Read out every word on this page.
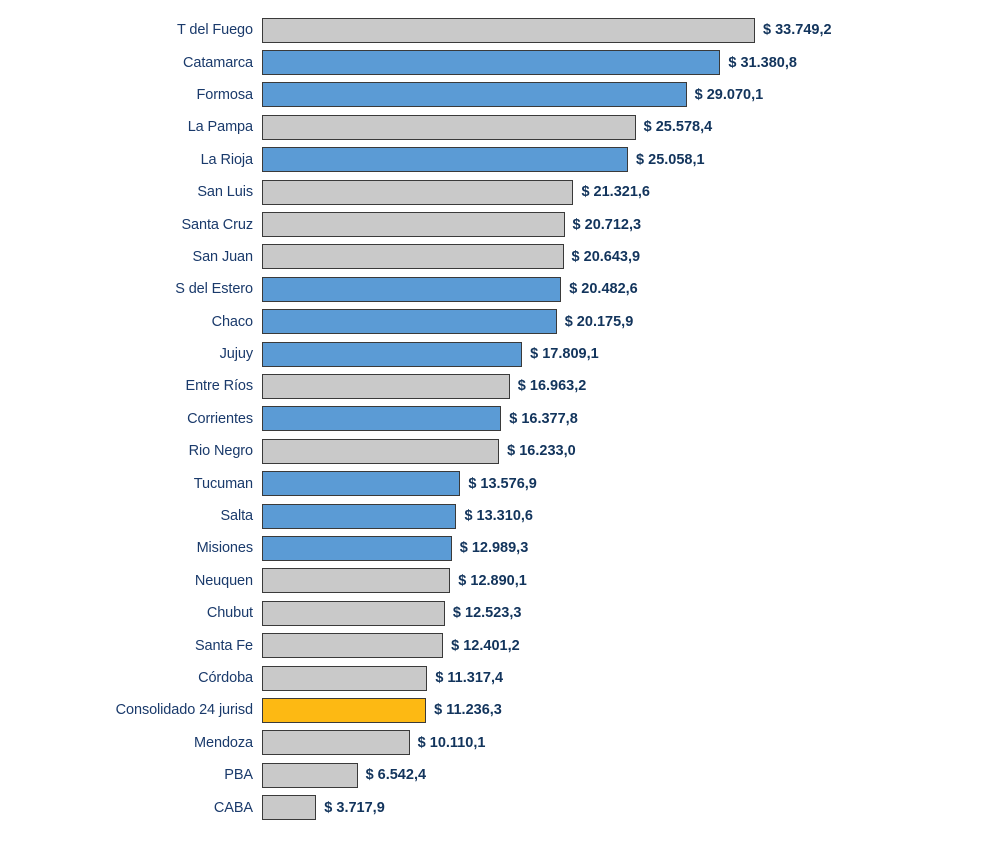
T del Fuego	$ 33.749,2
Catamarca	$ 31.380,8
Formosa	$ 29.070,1
La Pampa	$ 25.578,4
La Rioja	$ 25.058,1
San Luis	$ 21.321,6
Santa Cruz	$ 20.712,3
San Juan	$ 20.643,9
S del Estero	$ 20.482,6
Chaco	$ 20.175,9
Jujuy	$ 17.809,1
Entre Ríos	$ 16.963,2
Corrientes	$ 16.377,8
Rio Negro	$ 16.233,0
Tucuman	$ 13.576,9
Salta	$ 13.310,6
Misiones	$ 12.989,3
Neuquen	$ 12.890,1
Chubut	$ 12.523,3
Santa Fe	$ 12.401,2
Córdoba	$ 11.317,4
Consolidado 24 jurisd	$ 11.236,3
Mendoza	$ 10.110,1
PBA	$ 6.542,4
CABA	$ 3.717,9
